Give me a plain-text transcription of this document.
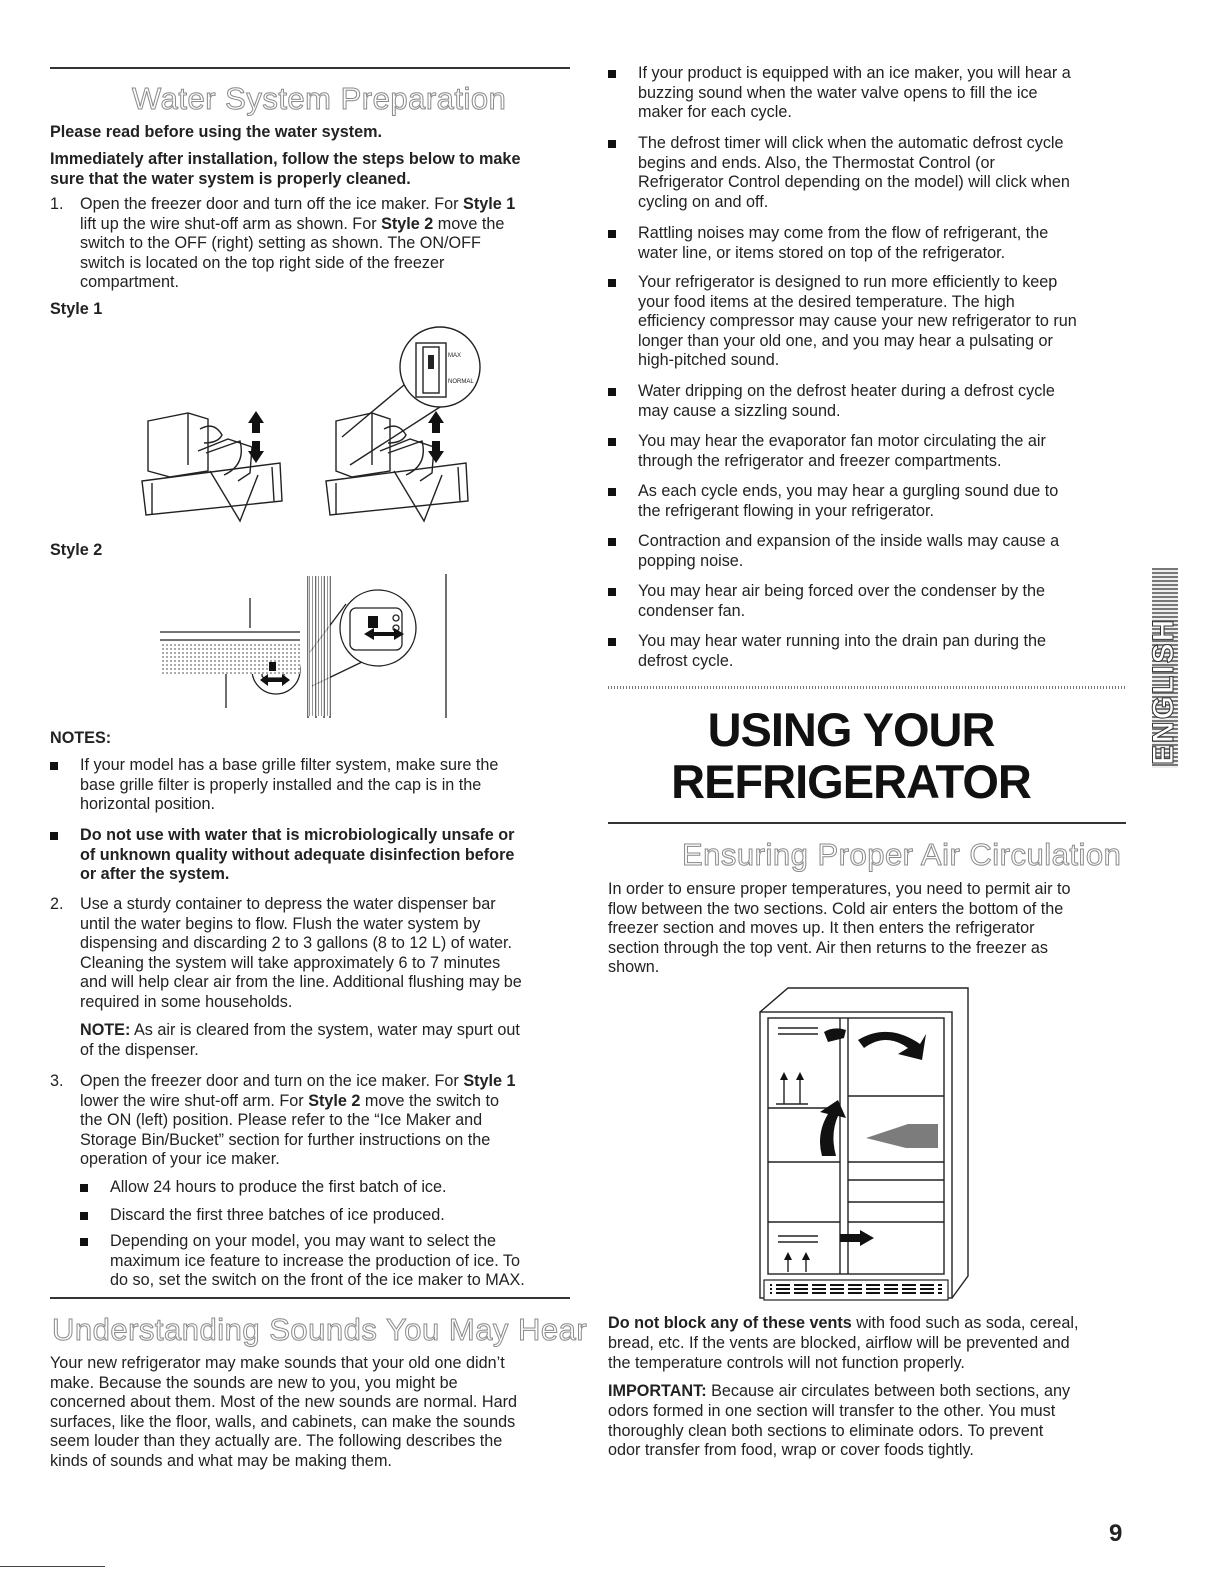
Water System Preparation
Please read before using the water system.
Immediately after installation, follow the steps below to make
sure that the water system is properly cleaned.
1. Open the freezer door and turn off the ice maker. For Style 1
lift up the wire shut-off arm as shown. For Style 2 move the
switch to the OFF (right) setting as shown. The ON/OFF
switch is located on the top right side of the freezer
compartment.
Style 1
MAX
NORMAL
Style 2
NOTES:
If your model has a base grille filter system, make sure the
base grille filter is properly installed and the cap is in the
horizontal position.
Do not use with water that is microbiologically unsafe or
of unknown quality without adequate disinfection before
or after the system.
2. Use a sturdy container to depress the water dispenser bar
until the water begins to flow. Flush the water system by
dispensing and discarding 2 to 3 gallons (8 to 12 L) of water.
Cleaning the system will take approximately 6 to 7 minutes
and will help clear air from the line. Additional flushing may be
required in some households.
NOTE: As air is cleared from the system, water may spurt out
of the dispenser.
3. Open the freezer door and turn on the ice maker. For Style 1
lower the wire shut-off arm. For Style 2 move the switch to
the ON (left) position. Please refer to the “Ice Maker and
Storage Bin/Bucket” section for further instructions on the
operation of your ice maker.
Allow 24 hours to produce the first batch of ice.
Discard the first three batches of ice produced.
Depending on your model, you may want to select the
maximum ice feature to increase the production of ice. To
do so, set the switch on the front of the ice maker to MAX.
Understanding Sounds You May Hear
Your new refrigerator may make sounds that your old one didn’t
make. Because the sounds are new to you, you might be
concerned about them. Most of the new sounds are normal. Hard
surfaces, like the floor, walls, and cabinets, can make the sounds
seem louder than they actually are. The following describes the
kinds of sounds and what may be making them.
If your product is equipped with an ice maker, you will hear a
buzzing sound when the water valve opens to fill the ice
maker for each cycle.
The defrost timer will click when the automatic defrost cycle
begins and ends. Also, the Thermostat Control (or
Refrigerator Control depending on the model) will click when
cycling on and off.
Rattling noises may come from the flow of refrigerant, the
water line, or items stored on top of the refrigerator.
Your refrigerator is designed to run more efficiently to keep
your food items at the desired temperature. The high
efficiency compressor may cause your new refrigerator to run
longer than your old one, and you may hear a pulsating or
high-pitched sound.
Water dripping on the defrost heater during a defrost cycle
may cause a sizzling sound.
You may hear the evaporator fan motor circulating the air
through the refrigerator and freezer compartments.
As each cycle ends, you may hear a gurgling sound due to
the refrigerant flowing in your refrigerator.
Contraction and expansion of the inside walls may cause a
popping noise.
You may hear air being forced over the condenser by the
condenser fan.
You may hear water running into the drain pan during the
defrost cycle.
USING YOUR
REFRIGERATOR
Ensuring Proper Air Circulation
In order to ensure proper temperatures, you need to permit air to
flow between the two sections. Cold air enters the bottom of the
freezer section and moves up. It then enters the refrigerator
section through the top vent. Air then returns to the freezer as
shown.
Do not block any of these vents with food such as soda, cereal,
bread, etc. If the vents are blocked, airflow will be prevented and
the temperature controls will not function properly.
IMPORTANT: Because air circulates between both sections, any
odors formed in one section will transfer to the other. You must
thoroughly clean both sections to eliminate odors. To prevent
odor transfer from food, wrap or cover foods tightly.
9
ENGLISH
